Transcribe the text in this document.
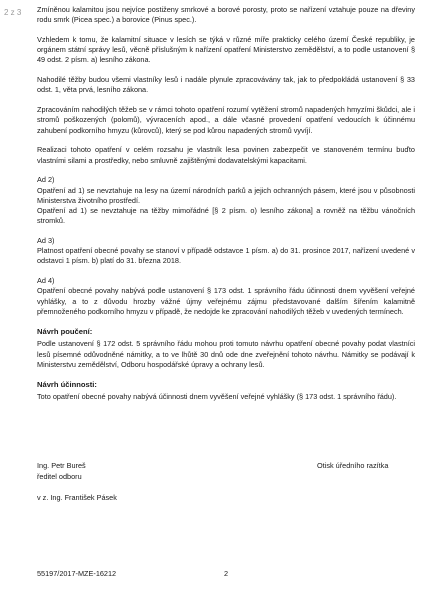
2 z 3 Zmíněnou kalamitou jsou nejvíce postiženy smrkové a borové porosty, proto se nařízení vztahuje pouze na dřeviny rodu smrk (Picea spec.) a borovice (Pinus spec.).

Vzhledem k tomu, že kalamitní situace v lesích se týká v různé míře prakticky celého území České republiky, je orgánem státní správy lesů, věcně příslušným k nařízení opatření Ministerstvo zemědělství, a to podle ustanovení § 49 odst. 2 písm. a) lesního zákona.

Nahodilé těžby budou všemi vlastníky lesů i nadále plynule zpracovávány tak, jak to předpokládá ustanovení § 33 odst. 1, věta prvá, lesního zákona.

Zpracováním nahodilých těžeb se v rámci tohoto opatření rozumí vytěžení stromů napadených hmyzími škůdci, ale i stromů poškozených (polomů), vývraceních apod., a dále včasné provedení opatření vedoucích k účinnému zahubení podkorního hmyzu (kůrovců), který se pod kůrou napadených stromů vyvíjí.

Realizaci tohoto opatření v celém rozsahu je vlastník lesa povinen zabezpečit ve stanoveném termínu buďto vlastními silami a prostředky, nebo smluvně zajištěnými dodavatelskými kapacitami.

Ad 2)
Opatření ad 1) se nevztahuje na lesy na území národních parků a jejich ochranných pásem, které jsou v působnosti Ministerstva životního prostředí.
Opatření ad 1) se nevztahuje na těžby mimořádné [§ 2 písm. o) lesního zákona] a rovněž na těžbu vánočních stromků.
Ad 3)
Platnost opatření obecné povahy se stanoví v případě odstavce 1 písm. a) do 31. prosince 2017, nařízení uvedené v odstavci 1 písm. b) platí do 31. března 2018.
Ad 4)
Opatření obecné povahy nabývá podle ustanovení § 173 odst. 1 správního řádu účinnosti dnem vyvěšení veřejné vyhlášky, a to z důvodu hrozby vážné újmy veřejnému zájmu představované dalším šířením kalamitně přemnoženého podkorního hmyzu v případě, že nedojde ke zpracování nahodilých těžeb v uvedených termínech.
Návrh poučení:

Podle ustanovení § 172 odst. 5 správního řádu mohou proti tomuto návrhu opatření obecné povahy podat vlastníci lesů písemné odůvodněné námitky, a to ve lhůtě 30 dnů ode dne zveřejnění tohoto návrhu. Námitky se podávají k Ministerstvu zemědělství, Odboru hospodářské úpravy a ochrany lesů.

Návrh účinnosti:

Toto opatření obecné povahy nabývá účinnosti dnem vyvěšení veřejné vyhlášky (§ 173 odst. 1 správního řádu).

Ing. Petr Bureš
ředitel odboru
v z. Ing. František Pásek
Otisk úředního razítka
55197/2017-MZE-16212	2
